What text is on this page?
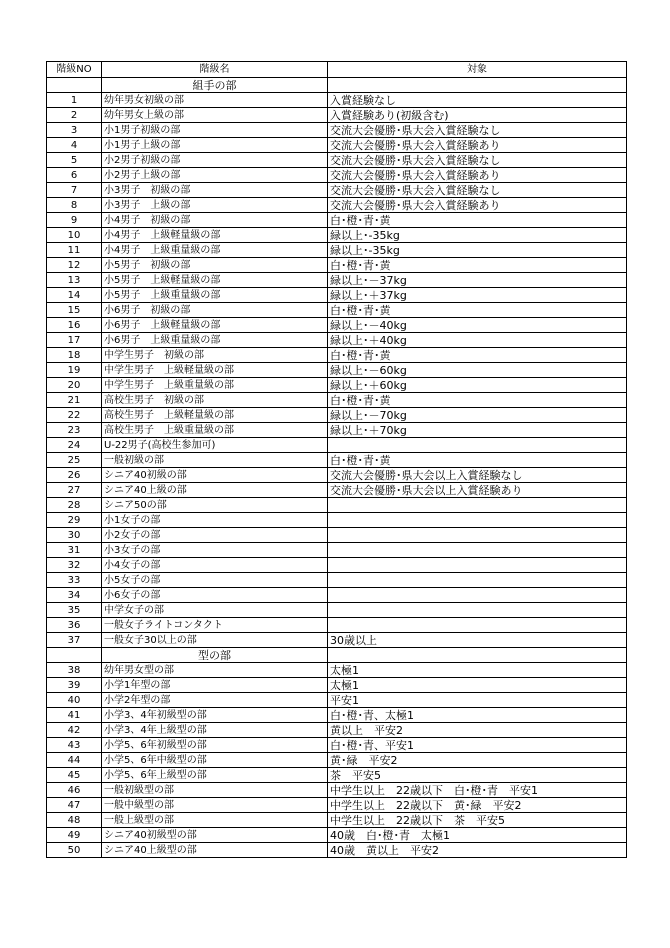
階級NO	階級名	対象
	組手の部	
1	幼年男女初級の部	入賞経験なし
2	幼年男女上級の部	入賞経験あり(初級含む)
3	小1男子初級の部	交流大会優勝･県大会入賞経験なし
4	小1男子上級の部	交流大会優勝･県大会入賞経験あり
5	小2男子初級の部	交流大会優勝･県大会入賞経験なし
6	小2男子上級の部	交流大会優勝･県大会入賞経験あり
7	小3男子　初級の部	交流大会優勝･県大会入賞経験なし
8	小3男子　上級の部	交流大会優勝･県大会入賞経験あり
9	小4男子　初級の部	白･橙･青･黄
10	小4男子　上級軽量級の部	緑以上･-35kg
11	小4男子　上級重量級の部	緑以上･-35kg
12	小5男子　初級の部	白･橙･青･黄
13	小5男子　上級軽量級の部	緑以上･－37kg
14	小5男子　上級重量級の部	緑以上･＋37kg
15	小6男子　初級の部	白･橙･青･黄
16	小6男子　上級軽量級の部	緑以上･－40kg
17	小6男子　上級重量級の部	緑以上･＋40kg
18	中学生男子　初級の部	白･橙･青･黄
19	中学生男子　上級軽量級の部	緑以上･－60kg
20	中学生男子　上級重量級の部	緑以上･＋60kg
21	高校生男子　初級の部	白･橙･青･黄
22	高校生男子　上級軽量級の部	緑以上･－70kg
23	高校生男子　上級重量級の部	緑以上･＋70kg
24	U-22男子(高校生参加可)	
25	一般初級の部	白･橙･青･黄
26	シニア40初級の部	交流大会優勝･県大会以上入賞経験なし
27	シニア40上級の部	交流大会優勝･県大会以上入賞経験あり
28	シニア50の部	
29	小1女子の部	
30	小2女子の部	
31	小3女子の部	
32	小4女子の部	
33	小5女子の部	
34	小6女子の部	
35	中学女子の部	
36	一般女子ライトコンタクト	
37	一般女子30以上の部	30歳以上
	型の部	
38	幼年男女型の部	太極1
39	小学1年型の部	太極1
40	小学2年型の部	平安1
41	小学3、4年初級型の部	白･橙･青、太極1
42	小学3、4年上級型の部	黄以上　平安2
43	小学5、6年初級型の部	白･橙･青、平安1
44	小学5、6年中級型の部	黄･緑　平安2
45	小学5、6年上級型の部	茶　平安5
46	一般初級型の部	中学生以上　22歳以下　白･橙･青　平安1
47	一般中級型の部	中学生以上　22歳以下　黄･緑　平安2
48	一般上級型の部	中学生以上　22歳以下　茶　平安5
49	シニア40初級型の部	40歳　白･橙･青　太極1
50	シニア40上級型の部	40歳　黄以上　平安2
